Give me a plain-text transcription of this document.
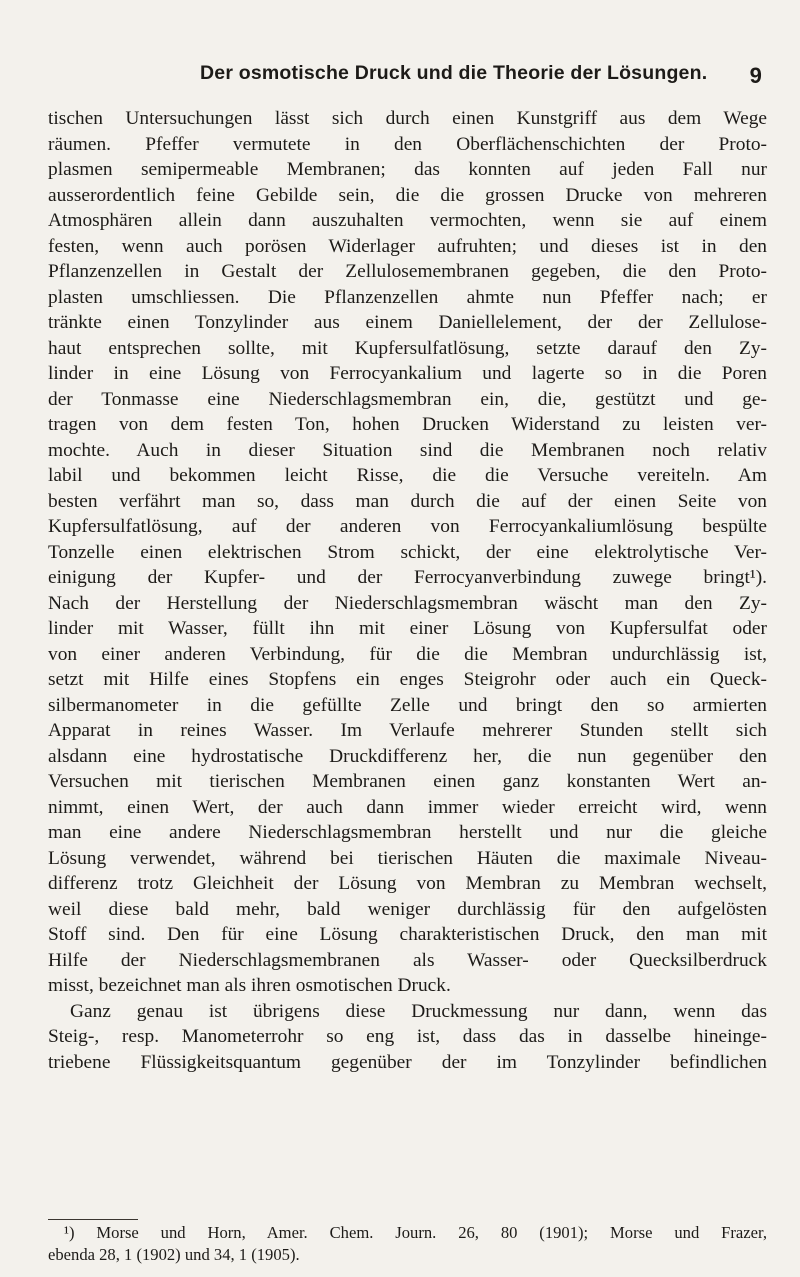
Der osmotische Druck und die Theorie der Lösungen. 9
tischen Untersuchungen lässt sich durch einen Kunstgriff aus dem Wege
räumen. Pfeffer vermutete in den Oberflächenschichten der Proto-
plasmen semipermeable Membranen; das konnten auf jeden Fall nur
ausserordentlich feine Gebilde sein, die die grossen Drucke von mehreren
Atmosphären allein dann auszuhalten vermochten, wenn sie auf einem
festen, wenn auch porösen Widerlager aufruhten; und dieses ist in den
Pflanzenzellen in Gestalt der Zellulosemembranen gegeben, die den Proto-
plasten umschliessen. Die Pflanzenzellen ahmte nun Pfeffer nach; er
tränkte einen Tonzylinder aus einem Daniellelement, der der Zellulose-
haut entsprechen sollte, mit Kupfersulfatlösung, setzte darauf den Zy-
linder in eine Lösung von Ferrocyankalium und lagerte so in die Poren
der Tonmasse eine Niederschlagsmembran ein, die, gestützt und ge-
tragen von dem festen Ton, hohen Drucken Widerstand zu leisten ver-
mochte. Auch in dieser Situation sind die Membranen noch relativ
labil und bekommen leicht Risse, die die Versuche vereiteln. Am
besten verfährt man so, dass man durch die auf der einen Seite von
Kupfersulfatlösung, auf der anderen von Ferrocyankaliumlösung bespülte
Tonzelle einen elektrischen Strom schickt, der eine elektrolytische Ver-
einigung der Kupfer- und der Ferrocyanverbindung zuwege bringt¹).
Nach der Herstellung der Niederschlagsmembran wäscht man den Zy-
linder mit Wasser, füllt ihn mit einer Lösung von Kupfersulfat oder
von einer anderen Verbindung, für die die Membran undurchlässig ist,
setzt mit Hilfe eines Stopfens ein enges Steigrohr oder auch ein Queck-
silbermanometer in die gefüllte Zelle und bringt den so armierten
Apparat in reines Wasser. Im Verlaufe mehrerer Stunden stellt sich
alsdann eine hydrostatische Druckdifferenz her, die nun gegenüber den
Versuchen mit tierischen Membranen einen ganz konstanten Wert an-
nimmt, einen Wert, der auch dann immer wieder erreicht wird, wenn
man eine andere Niederschlagsmembran herstellt und nur die gleiche
Lösung verwendet, während bei tierischen Häuten die maximale Niveau-
differenz trotz Gleichheit der Lösung von Membran zu Membran wechselt,
weil diese bald mehr, bald weniger durchlässig für den aufgelösten
Stoff sind. Den für eine Lösung charakteristischen Druck, den man mit
Hilfe der Niederschlagsmembranen als Wasser- oder Quecksilberdruck
misst, bezeichnet man als ihren osmotischen Druck.
Ganz genau ist übrigens diese Druckmessung nur dann, wenn das
Steig-, resp. Manometerrohr so eng ist, dass das in dasselbe hineinge-
triebene Flüssigkeitsquantum gegenüber der im Tonzylinder befindlichen
¹) Morse und Horn, Amer. Chem. Journ. 26, 80 (1901); Morse und Frazer,
ebenda 28, 1 (1902) und 34, 1 (1905).
